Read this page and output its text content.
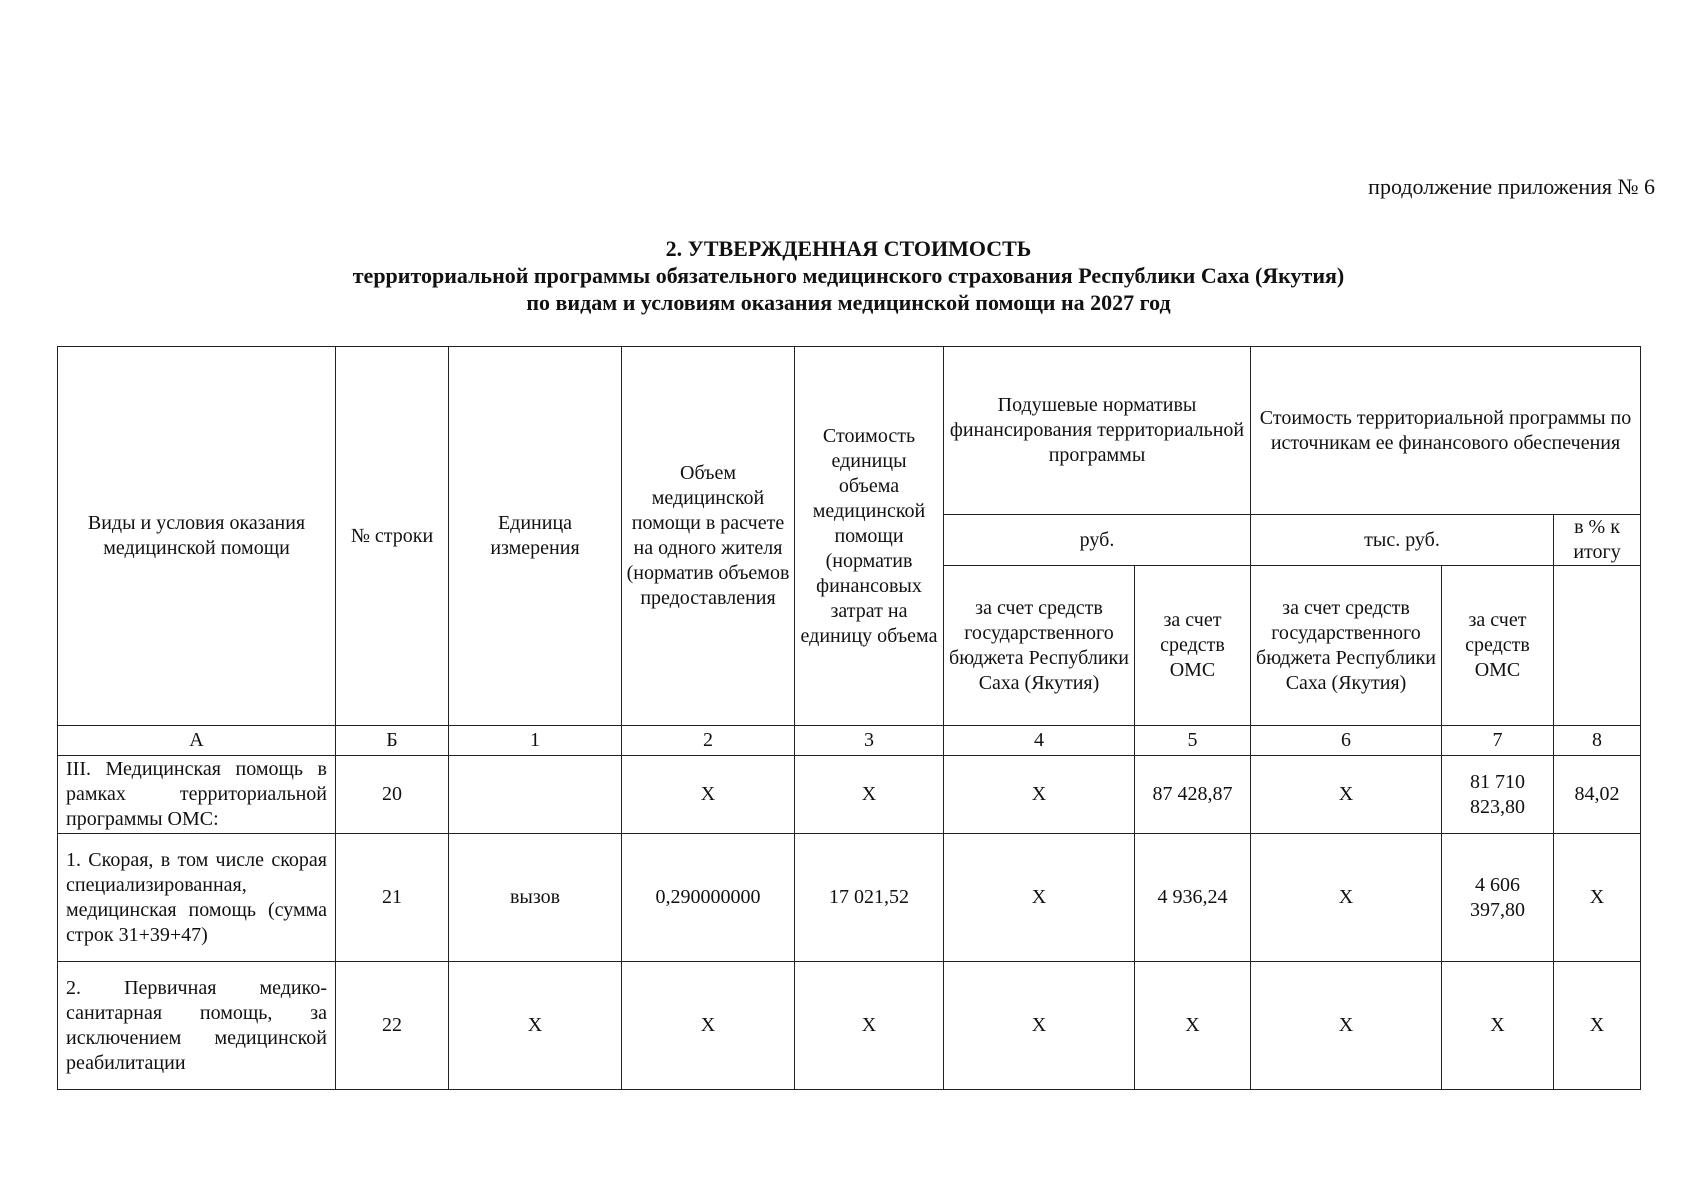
продолжение приложения № 6
2. УТВЕРЖДЕННАЯ СТОИМОСТЬ
территориальной программы обязательного медицинского страхования Республики Саха (Якутия)
по видам и условиям оказания медицинской помощи на 2027 год
Виды и условия оказания медицинской помощи	№ строки	Единица измерения	Объем медицинской помощи в расчете на одного жителя (норматив объемов предоставления	Стоимость единицы объема медицинской помощи (норматив финансовых затрат на единицу объема	Подушевые нормативы финансирования территориальной программы		Стоимость территориальной программы по источникам ее финансового обеспечения		
					руб.		тыс. руб.		в % к итогу
					за счет средств государственного бюджета Республики Саха (Якутия)	за счет средств ОМС	за счет средств государственного бюджета Республики Саха (Якутия)	за счет средств ОМС	
А	Б	1	2	3	4	5	6	7	8
III. Медицинская помощь в рамках территориальной программы ОМС:	20		Х	Х	Х	87 428,87	Х	81 710 823,80	84,02
1. Скорая, в том числе скорая специализированная, медицинская помощь (сумма строк 31+39+47)	21	вызов	0,290000000	17 021,52	Х	4 936,24	Х	4 606 397,80	Х
2. Первичная медико-санитарная помощь, за исключением медицинской реабилитации	22	Х	Х	Х	Х	Х	Х	Х	Х
